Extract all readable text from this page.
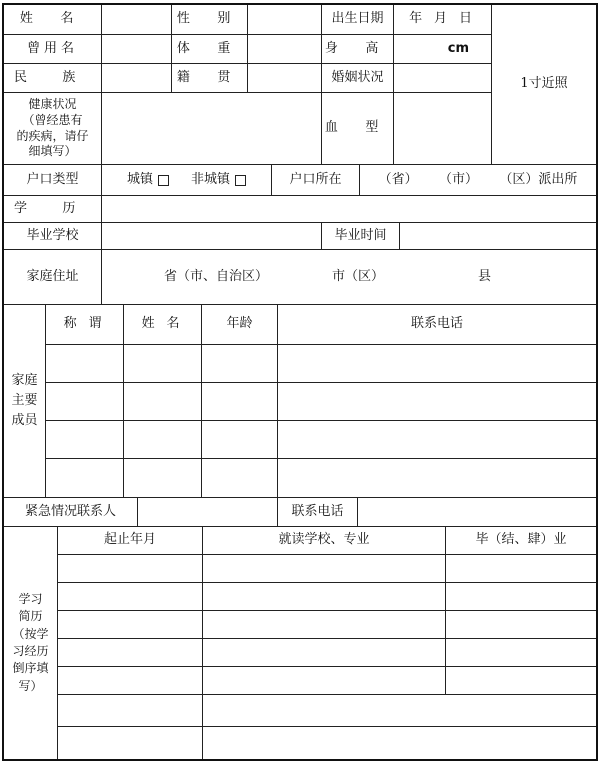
姓 名	性 别	出生日期	年 月 日
1寸近照
曾用名	体 重	身 高	cm
民 族	籍 贯	婚姻状况
健康状况
（曾经患有
的疾病，请仔
细填写）
血 型
户口类型	城镇	非城镇	户口所在	（省） （市） （区）派出所
学 历
毕业学校	毕业时间
家庭住址	省（市、自治区）	市（区）	县
家庭
主要
成员
称 谓	姓 名	年龄	联系电话
紧急情况联系人	联系电话
学习
简历
（按学
习经历
倒序填
写）
起止年月	就读学校、专业	毕（结、肆）业
